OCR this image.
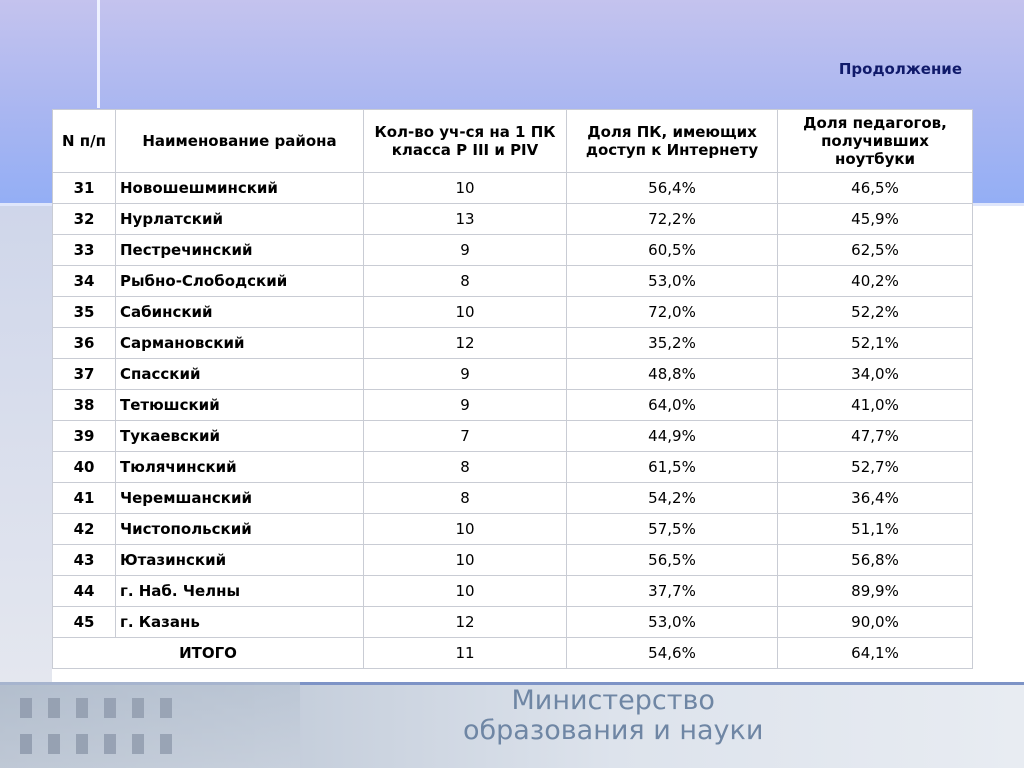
Продолжение
N п/п	Наименование района	Кол-во уч-ся на 1 ПК класса P III и PIV	Доля ПК, имеющих доступ к Интернету	Доля педагогов, получивших ноутбуки
31	Новошешминский	10	56,4%	46,5%
32	Нурлатский	13	72,2%	45,9%
33	Пестречинский	9	60,5%	62,5%
34	Рыбно-Слободский	8	53,0%	40,2%
35	Сабинский	10	72,0%	52,2%
36	Сармановский	12	35,2%	52,1%
37	Спасский	9	48,8%	34,0%
38	Тетюшский	9	64,0%	41,0%
39	Тукаевский	7	44,9%	47,7%
40	Тюлячинский	8	61,5%	52,7%
41	Черемшанский	8	54,2%	36,4%
42	Чистопольский	10	57,5%	51,1%
43	Ютазинский	10	56,5%	56,8%
44	г. Наб. Челны	10	37,7%	89,9%
45	г. Казань	12	53,0%	90,0%
ИТОГО		11	54,6%	64,1%
Министерство
образования и науки
